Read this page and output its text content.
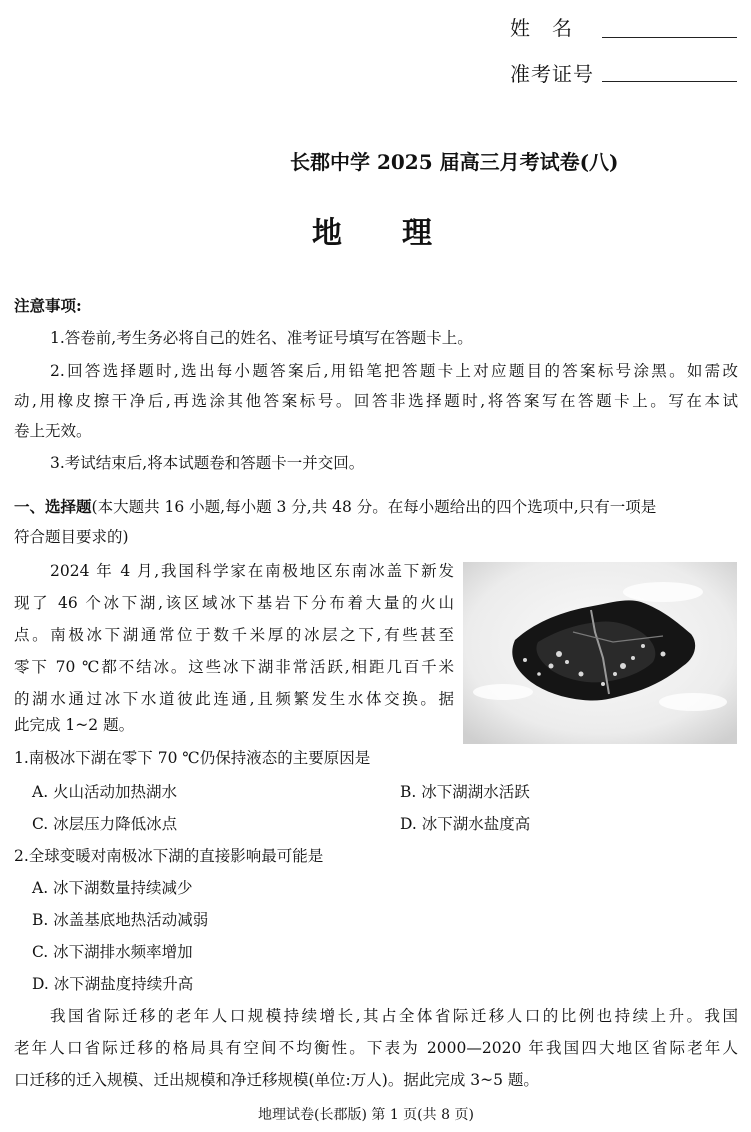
姓　名
准考证号
长郡中学 2025 届高三月考试卷(八)
地　　理
注意事项:
1.答卷前,考生务必将自己的姓名、准考证号填写在答题卡上。
2.回答选择题时,选出每小题答案后,用铅笔把答题卡上对应题目的答案标号涂黑。如需改
动,用橡皮擦干净后,再选涂其他答案标号。回答非选择题时,将答案写在答题卡上。写在本试
卷上无效。
3.考试结束后,将本试题卷和答题卡一并交回。
一、选择题(本大题共 16 小题,每小题 3 分,共 48 分。在每小题给出的四个选项中,只有一项是
符合题目要求的)
2024 年 4 月,我国科学家在南极地区东南冰盖下新发
现了 46 个冰下湖,该区域冰下基岩下分布着大量的火山
点。南极冰下湖通常位于数千米厚的冰层之下,有些甚至
零下 70 ℃都不结冰。这些冰下湖非常活跃,相距几百千米
的湖水通过冰下水道彼此连通,且频繁发生水体交换。据
此完成 1~2 题。
1.南极冰下湖在零下 70 ℃仍保持液态的主要原因是
A. 火山活动加热湖水	B. 冰下湖湖水活跃
C. 冰层压力降低冰点	D. 冰下湖水盐度高
2.全球变暖对南极冰下湖的直接影响最可能是
A. 冰下湖数量持续减少
B. 冰盖基底地热活动减弱
C. 冰下湖排水频率增加
D. 冰下湖盐度持续升高
我国省际迁移的老年人口规模持续增长,其占全体省际迁移人口的比例也持续上升。我国
老年人口省际迁移的格局具有空间不均衡性。下表为 2000—2020 年我国四大地区省际老年人
口迁移的迁入规模、迁出规模和净迁移规模(单位:万人)。据此完成 3~5 题。
地理试卷(长郡版) 第 1 页(共 8 页)
